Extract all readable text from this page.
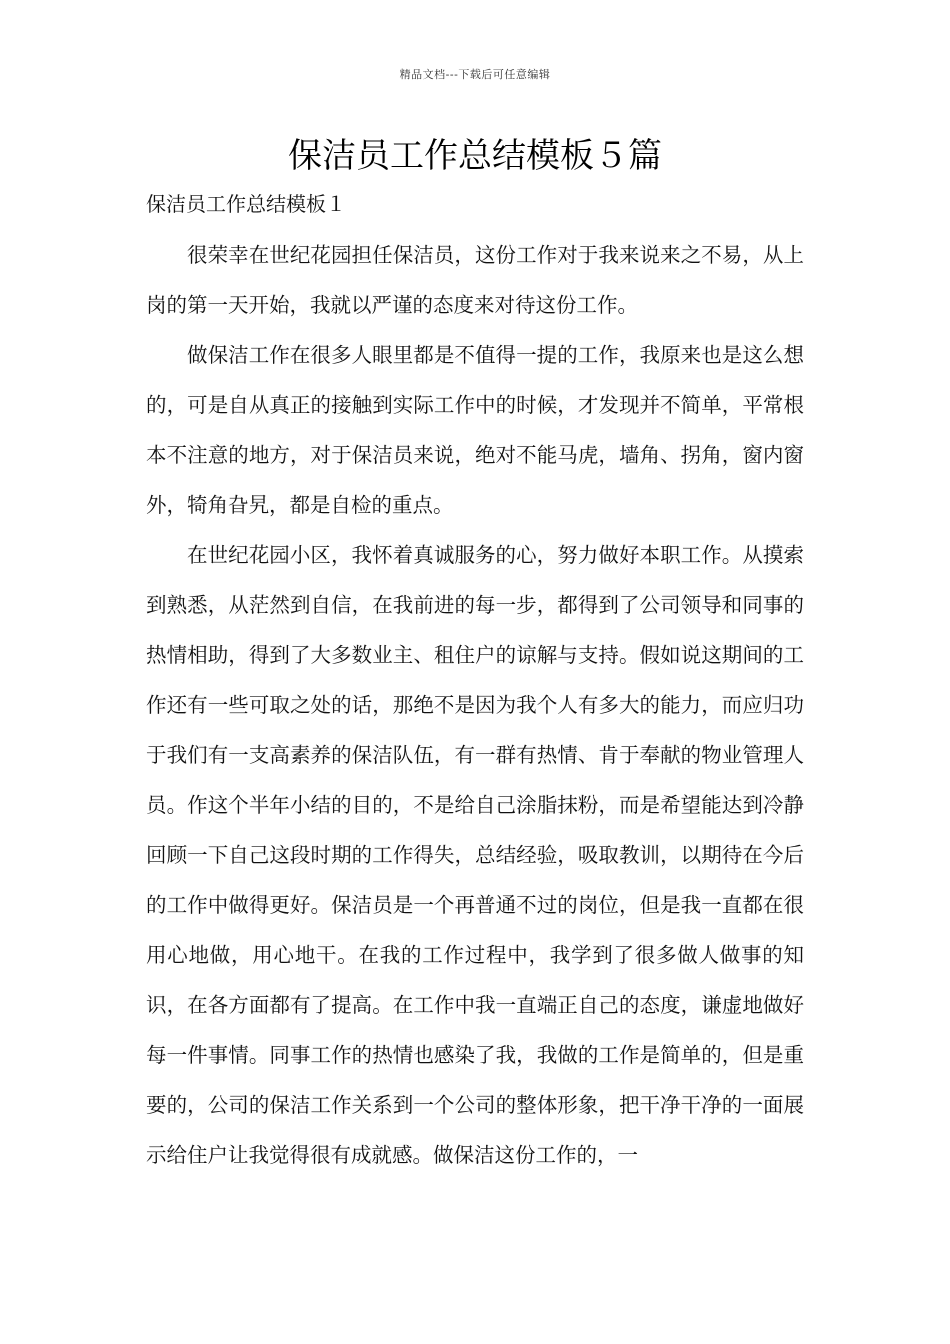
精品文档---下载后可任意编辑
保洁员工作总结模板５篇
保洁员工作总结模板１

很荣幸在世纪花园担任保洁员，这份工作对于我来说来之不易，从上岗的第一天开始，我就以严谨的态度来对待这份工作。

做保洁工作在很多人眼里都是不值得一提的工作，我原来也是这么想的，可是自从真正的接触到实际工作中的时候，才发现并不简单，平常根本不注意的地方，对于保洁员来说，绝对不能马虎，墙角、拐角，窗内窗外，犄角旮旯，都是自检的重点。

在世纪花园小区，我怀着真诚服务的心，努力做好本职工作。从摸索到熟悉，从茫然到自信，在我前进的每一步，都得到了公司领导和同事的热情相助，得到了大多数业主、租住户的谅解与支持。假如说这期间的工作还有一些可取之处的话，那绝不是因为我个人有多大的能力，而应归功于我们有一支高素养的保洁队伍，有一群有热情、肯于奉献的物业管理人员。作这个半年小结的目的，不是给自己涂脂抹粉，而是希望能达到冷静回顾一下自己这段时期的工作得失，总结经验，吸取教训，以期待在今后的工作中做得更好。保洁员是一个再普通不过的岗位，但是我一直都在很用心地做，用心地干。在我的工作过程中，我学到了很多做人做事的知识，在各方面都有了提高。在工作中我一直端正自己的态度，谦虚地做好每一件事情。同事工作的热情也感染了我，我做的工作是简单的，但是重要的，公司的保洁工作关系到一个公司的整体形象，把干净干净的一面展示给住户让我觉得很有成就感。做保洁这份工作的，一
